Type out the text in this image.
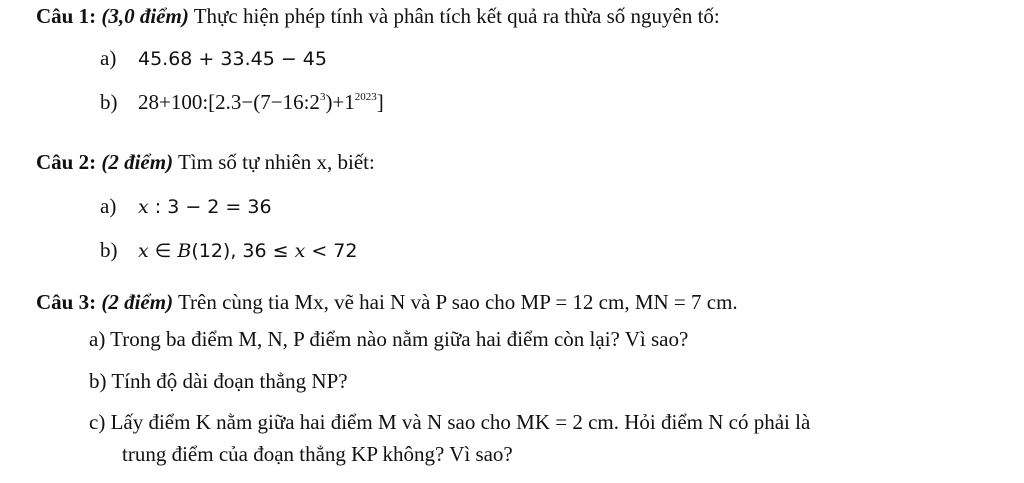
Câu 1: (3,0 điểm) Thực hiện phép tính và phân tích kết quả ra thừa số nguyên tố:
a) 45.68 + 33.45 − 45
b) $28+100:[2.3-(7-16:2^3)+1^{2023}]$
Câu 2: (2 điểm) Tìm số tự nhiên x, biết:
a) x : 3 − 2 = 36
b) x ∈ B(12), 36 ≤ x < 72
Câu 3: (2 điểm) Trên cùng tia Mx, vẽ hai N và P sao cho MP = 12 cm, MN = 7 cm.
a) Trong ba điểm M, N, P điểm nào nằm giữa hai điểm còn lại? Vì sao?
b) Tính độ dài đoạn thẳng NP?
c) Lấy điểm K nằm giữa hai điểm M và N sao cho MK = 2 cm. Hỏi điểm N có phải là
trung điểm của đoạn thẳng KP không? Vì sao?
